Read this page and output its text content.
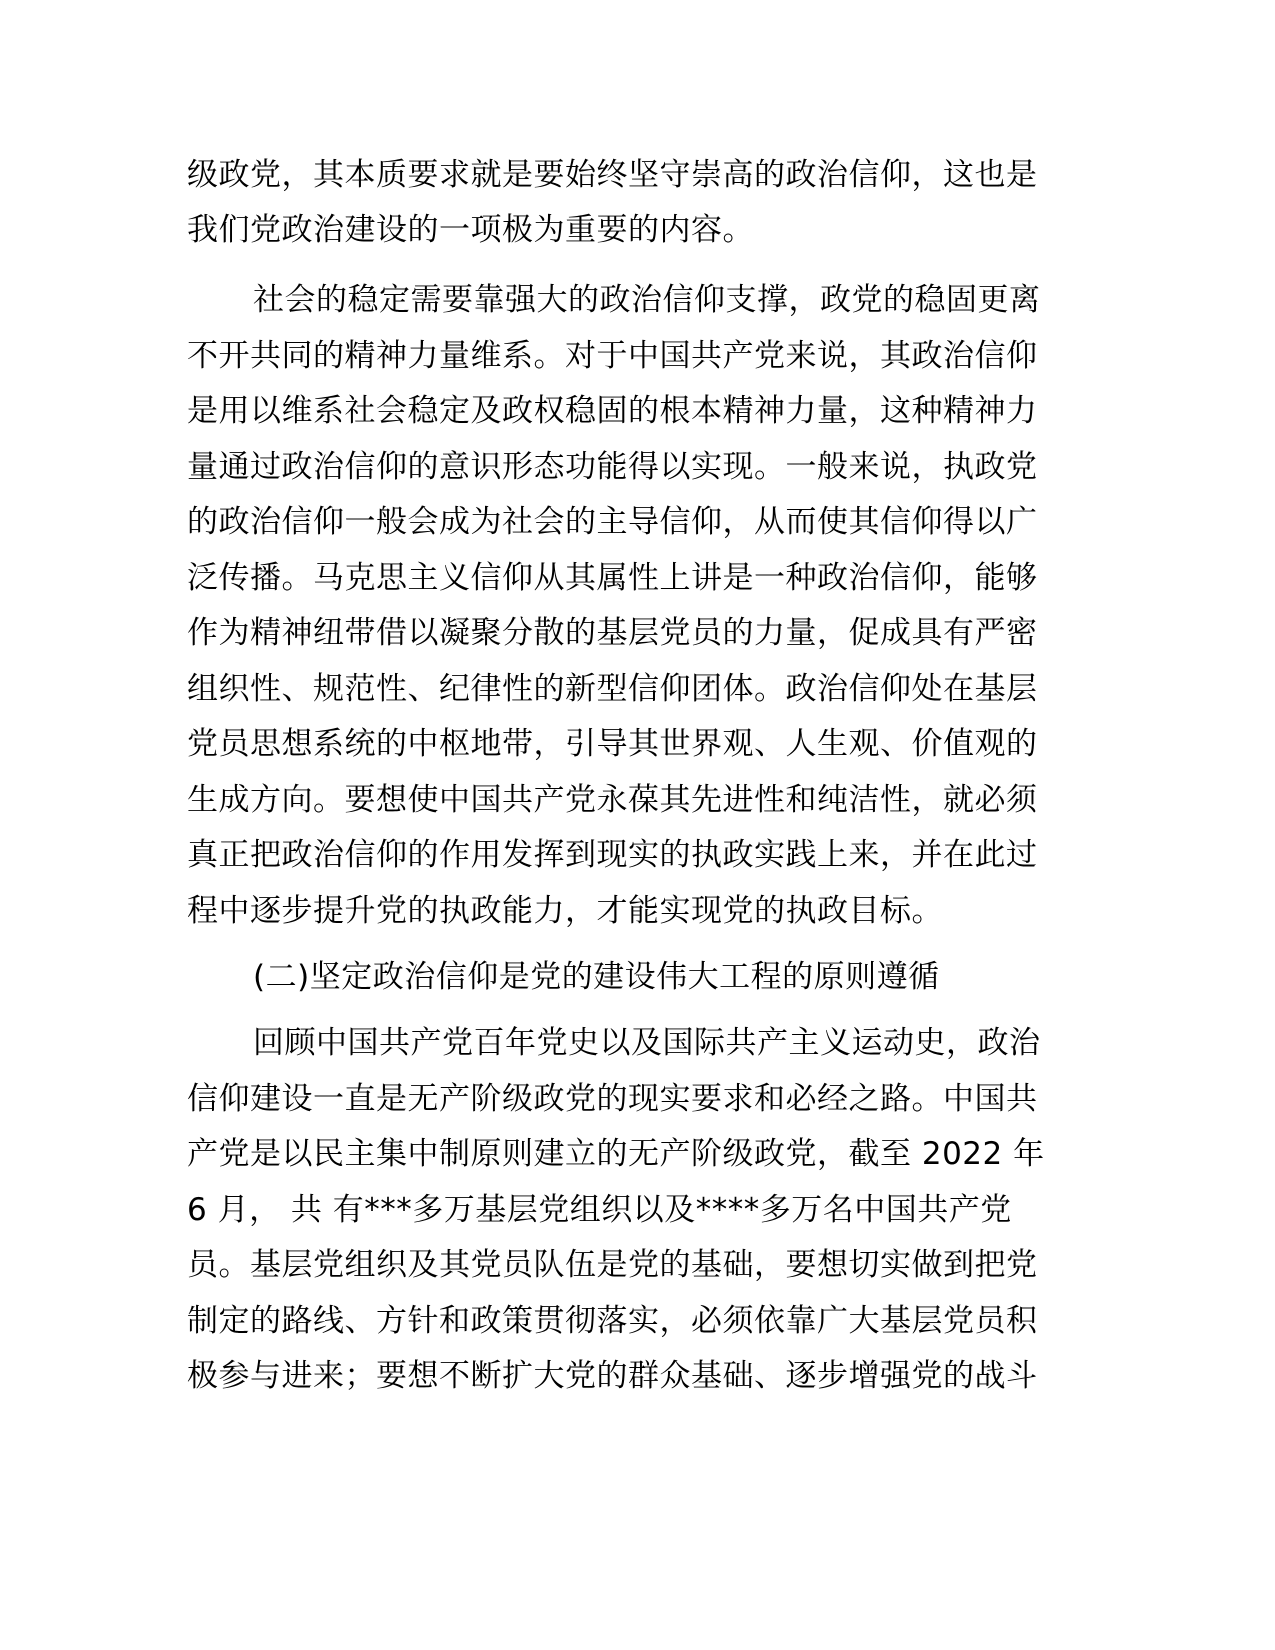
级政党，其本质要求就是要始终坚守崇高的政治信仰，这也是
我们党政治建设的一项极为重要的内容。
社会的稳定需要靠强大的政治信仰支撑，政党的稳固更离
不开共同的精神力量维系。对于中国共产党来说，其政治信仰
是用以维系社会稳定及政权稳固的根本精神力量，这种精神力
量通过政治信仰的意识形态功能得以实现。一般来说，执政党
的政治信仰一般会成为社会的主导信仰，从而使其信仰得以广
泛传播。马克思主义信仰从其属性上讲是一种政治信仰，能够
作为精神纽带借以凝聚分散的基层党员的力量，促成具有严密
组织性、规范性、纪律性的新型信仰团体。政治信仰处在基层
党员思想系统的中枢地带，引导其世界观、人生观、价值观的
生成方向。要想使中国共产党永葆其先进性和纯洁性，就必须
真正把政治信仰的作用发挥到现实的执政实践上来，并在此过
程中逐步提升党的执政能力，才能实现党的执政目标。
(二)坚定政治信仰是党的建设伟大工程的原则遵循
回顾中国共产党百年党史以及国际共产主义运动史，政治
信仰建设一直是无产阶级政党的现实要求和必经之路。中国共
产党是以民主集中制原则建立的无产阶级政党，截至 2022 年
6 月， 共 有***多万基层党组织以及****多万名中国共产党
员。基层党组织及其党员队伍是党的基础，要想切实做到把党
制定的路线、方针和政策贯彻落实，必须依靠广大基层党员积
极参与进来；要想不断扩大党的群众基础、逐步增强党的战斗
